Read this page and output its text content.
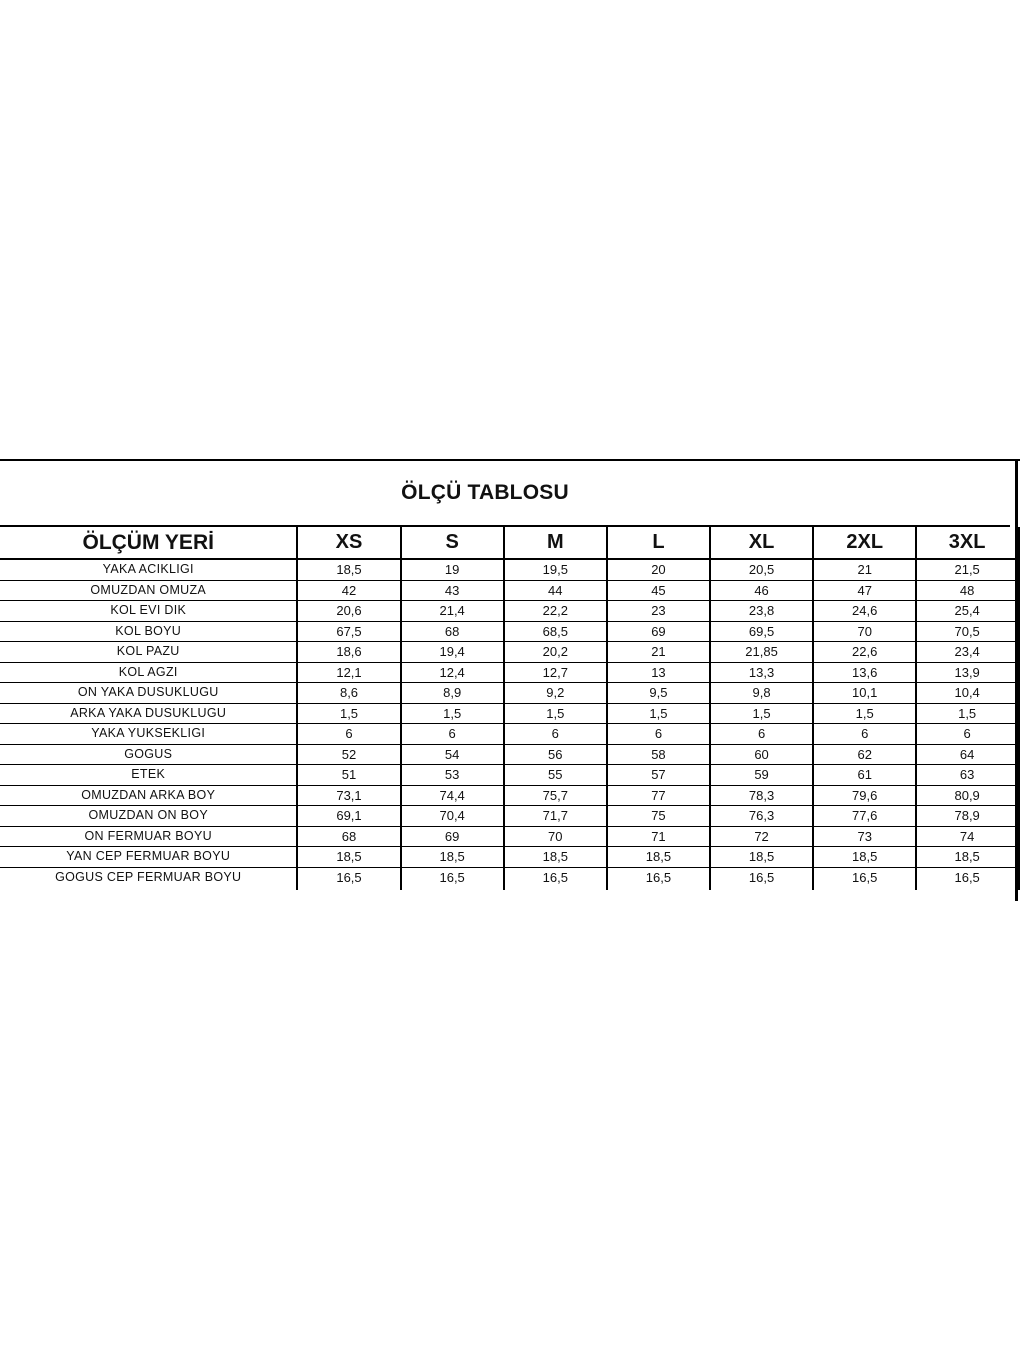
ÖLÇÜ TABLOSU
ÖLÇÜM YERİ	XS	S	M	L	XL	2XL	3XL
YAKA ACIKLIGI	18,5	19	19,5	20	20,5	21	21,5
OMUZDAN OMUZA	42	43	44	45	46	47	48
KOL EVI DIK	20,6	21,4	22,2	23	23,8	24,6	25,4
KOL BOYU	67,5	68	68,5	69	69,5	70	70,5
KOL PAZU	18,6	19,4	20,2	21	21,85	22,6	23,4
KOL AGZI	12,1	12,4	12,7	13	13,3	13,6	13,9
ON YAKA DUSUKLUGU	8,6	8,9	9,2	9,5	9,8	10,1	10,4
ARKA YAKA DUSUKLUGU	1,5	1,5	1,5	1,5	1,5	1,5	1,5
YAKA YUKSEKLIGI	6	6	6	6	6	6	6
GOGUS	52	54	56	58	60	62	64
ETEK	51	53	55	57	59	61	63
OMUZDAN ARKA BOY	73,1	74,4	75,7	77	78,3	79,6	80,9
OMUZDAN ON BOY	69,1	70,4	71,7	75	76,3	77,6	78,9
ON FERMUAR BOYU	68	69	70	71	72	73	74
YAN CEP FERMUAR BOYU	18,5	18,5	18,5	18,5	18,5	18,5	18,5
GOGUS CEP FERMUAR BOYU	16,5	16,5	16,5	16,5	16,5	16,5	16,5
